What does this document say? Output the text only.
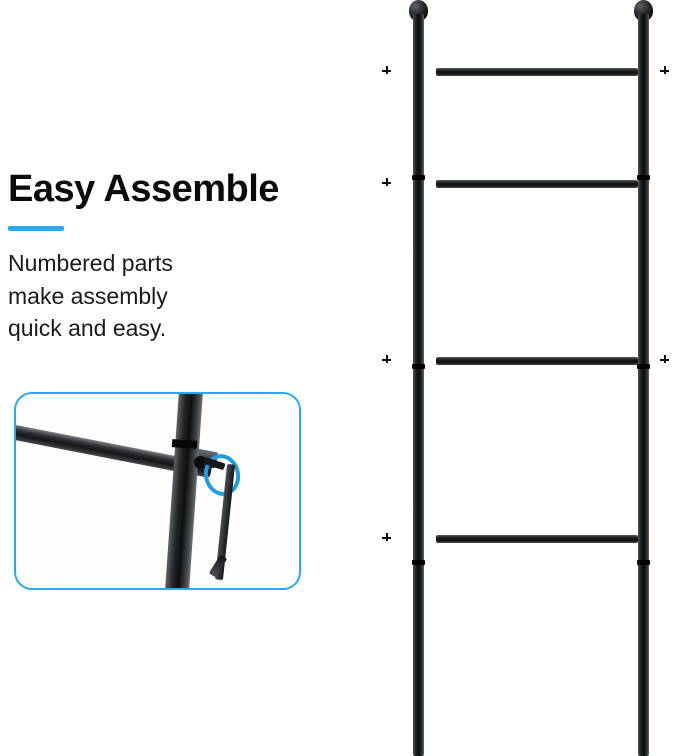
Easy Assemble
Numbered parts
make assembly
quick and easy.
